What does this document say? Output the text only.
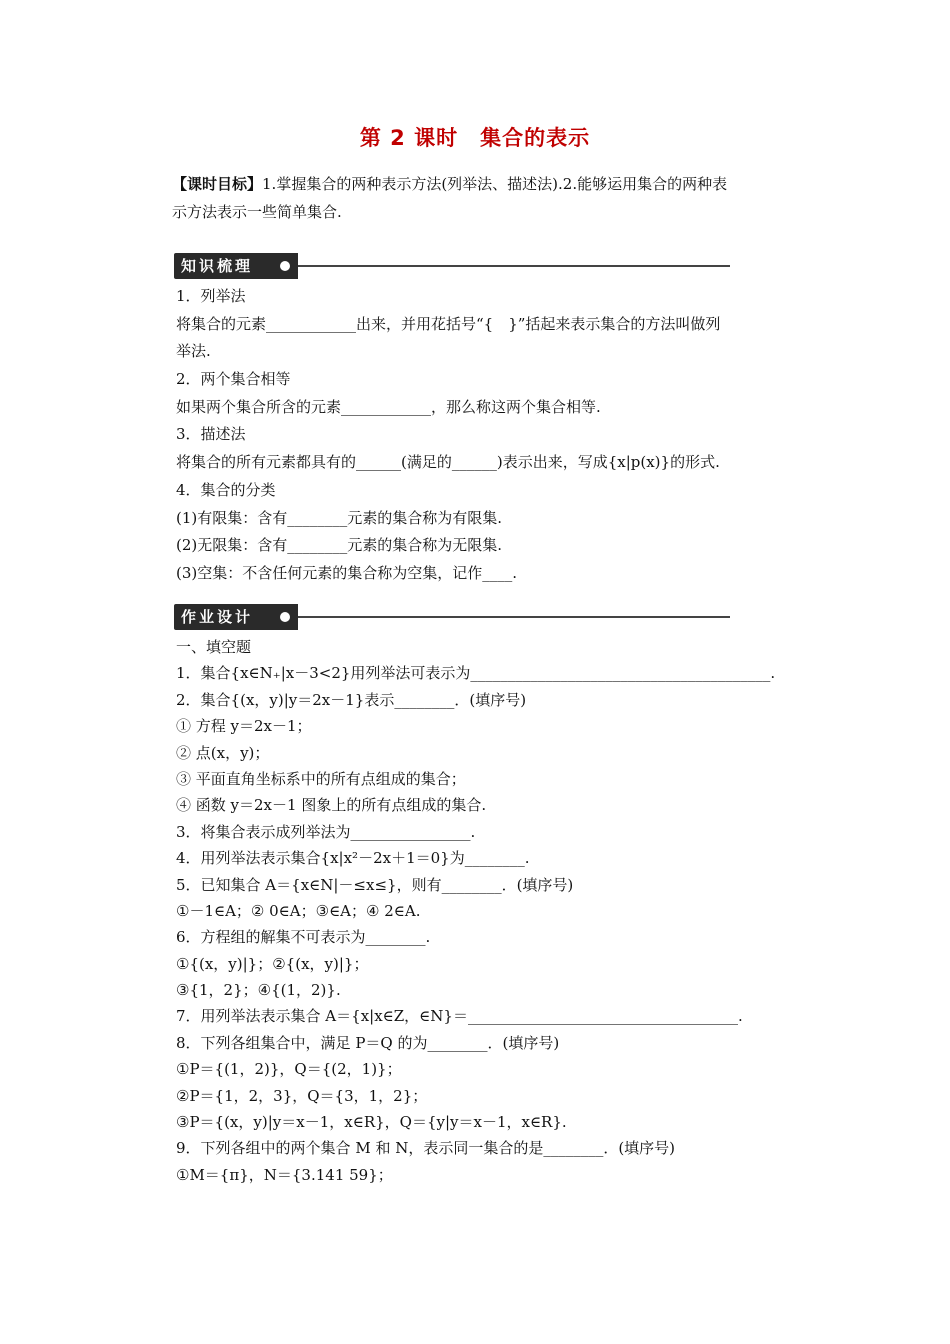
第 2 课时　集合的表示
【课时目标】1.掌握集合的两种表示方法(列举法、描述法).2.能够运用集合的两种表
示方法表示一些简单集合.
知识梳理
1．列举法
将集合的元素____________出来，并用花括号“{　}”括起来表示集合的方法叫做列
举法.
2．两个集合相等
如果两个集合所含的元素____________，那么称这两个集合相等.
3．描述法
将集合的所有元素都具有的______(满足的______)表示出来，写成{x|p(x)}的形式.
4．集合的分类
(1)有限集：含有________元素的集合称为有限集.
(2)无限集：含有________元素的集合称为无限集.
(3)空集：不含任何元素的集合称为空集，记作____.
作业设计
一、填空题
1．集合{x∈N₊|x－3<2}用列举法可表示为________________________________________.
2．集合{(x，y)|y＝2x－1}表示________．(填序号)
① 方程 y＝2x－1；
② 点(x，y)；
③ 平面直角坐标系中的所有点组成的集合；
④ 函数 y＝2x－1 图象上的所有点组成的集合.
3．将集合表示成列举法为________________.
4．用列举法表示集合{x|x²－2x＋1＝0}为________.
5．已知集合 A＝{x∈N|－≤x≤}，则有________．(填序号)
①－1∈A；② 0∈A；③∈A；④ 2∈A.
6．方程组的解集不可表示为________.
①{(x，y)|}；②{(x，y)|}；
③{1，2}；④{(1，2)}.
7．用列举法表示集合 A＝{x|x∈Z，∈N}＝____________________________________.
8．下列各组集合中，满足 P＝Q 的为________．(填序号)
①P＝{(1，2)}，Q＝{(2，1)}；
②P＝{1，2，3}，Q＝{3，1，2}；
③P＝{(x，y)|y＝x－1，x∈R}，Q＝{y|y＝x－1，x∈R}.
9．下列各组中的两个集合 M 和 N，表示同一集合的是________．(填序号)
①M＝{π}，N＝{3.141 59}；
